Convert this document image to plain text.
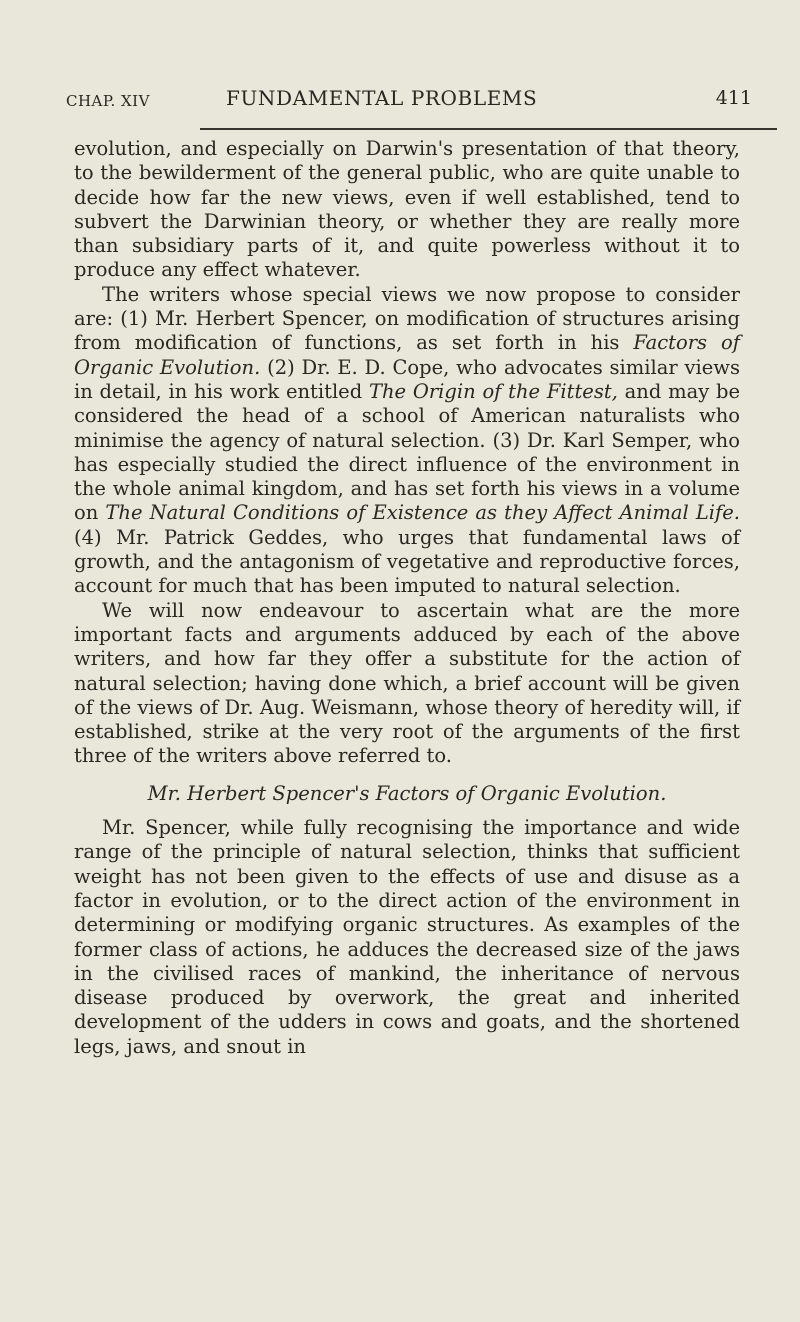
CHAP. XIV	FUNDAMENTAL PROBLEMS	411

evolution, and especially on Darwin's presentation of that theory, to the bewilderment of the general public, who are quite unable to decide how far the new views, even if well established, tend to subvert the Darwinian theory, or whether they are really more than subsidiary parts of it, and quite powerless without it to produce any effect whatever.

The writers whose special views we now propose to consider are: (1) Mr. Herbert Spencer, on modification of structures arising from modification of functions, as set forth in his Factors of Organic Evolution. (2) Dr. E. D. Cope, who advocates similar views in detail, in his work entitled The Origin of the Fittest, and may be considered the head of a school of American naturalists who minimise the agency of natural selection. (3) Dr. Karl Semper, who has especially studied the direct influence of the environment in the whole animal kingdom, and has set forth his views in a volume on The Natural Conditions of Existence as they Affect Animal Life. (4) Mr. Patrick Geddes, who urges that fundamental laws of growth, and the antagonism of vegetative and reproductive forces, account for much that has been imputed to natural selection.

We will now endeavour to ascertain what are the more important facts and arguments adduced by each of the above writers, and how far they offer a substitute for the action of natural selection; having done which, a brief account will be given of the views of Dr. Aug. Weismann, whose theory of heredity will, if established, strike at the very root of the arguments of the first three of the writers above referred to.

Mr. Herbert Spencer's Factors of Organic Evolution.

Mr. Spencer, while fully recognising the importance and wide range of the principle of natural selection, thinks that sufficient weight has not been given to the effects of use and disuse as a factor in evolution, or to the direct action of the environment in determining or modifying organic structures. As examples of the former class of actions, he adduces the decreased size of the jaws in the civilised races of mankind, the inheritance of nervous disease produced by overwork, the great and inherited development of the udders in cows and goats, and the shortened legs, jaws, and snout in
